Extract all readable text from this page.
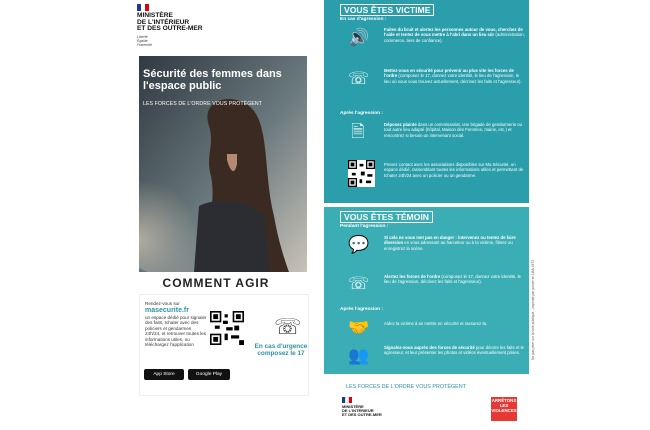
MINISTÈRE
DE L'INTÉRIEUR
ET DES OUTRE-MER
Liberté
Égalité
Fraternité
Sécurité des femmes dans l'espace public
LES FORCES DE L'ORDRE VOUS PROTÈGENT
COMMENT AGIR
Rendez-vous sur
masecurite.fr
un espace dédié pour signaler des faits, tchater avec des policiers et gendarmes 24h/24, et retrouver toutes les informations utiles, ou téléchargez l'application
App Store	Google Play
☏
En cas d'urgence composez le 17
VOUS ÊTES VICTIME
En cas d'agression :
🔊	Faites du bruit et alertez les personnes autour de vous, cherchez de l'aide et tentez de vous mettre à l'abri dans un lieu sûr (administration, commerce, tiers de confiance).
☏	Mettez-vous en sécurité pour prévenir au plus vite les forces de l'ordre (composez le 17, donnez votre identité, le lieu de l'agression, le lieu où vous vous trouvez actuellement, décrivez les faits et l'agresseur).
Après l'agression :
🗎	Déposez plainte dans un commissariat, une brigade de gendarmerie ou tout autre lieu adapté (hôpital, Maison des Femmes, mairie, etc.) et rencontrez si besoin un intervenant social.
Prenez contact avec les associations disponibles sur Ma Sécurité, un espace dédié, rassemblant toutes les informations utiles et permettant de tchater 24h/24 avec un policier ou un gendarme.
VOUS ÊTES TÉMOIN
Pendant l'agression :
💬	Si cela ne vous met pas en danger : intervenez ou tentez de faire diversion en vous adressant au harceleur ou à la victime, filmez ou enregistrez la scène.
☏	Alertez les forces de l'ordre (composez le 17, donnez votre identité, le lieu de l'agression, décrivez les faits et l'agresseur).
Après l'agression :
🤝	Aidez la victime à se mettre en sécurité et rassurez-la.
👥	Signalez-vous auprès des forces de sécurité pour décrire les faits et le agresseur, et leur présenter les photos et vidéos éventuellement prises.	Ne pas jeter sur la voie publique - imprimé par poster en LBA 1972
LES FORCES DE L'ORDRE VOUS PROTÈGENT
MINISTÈRE
DE L'INTÉRIEUR
ET DES OUTRE-MER
ARRÊTONS LES VIOLENCES
